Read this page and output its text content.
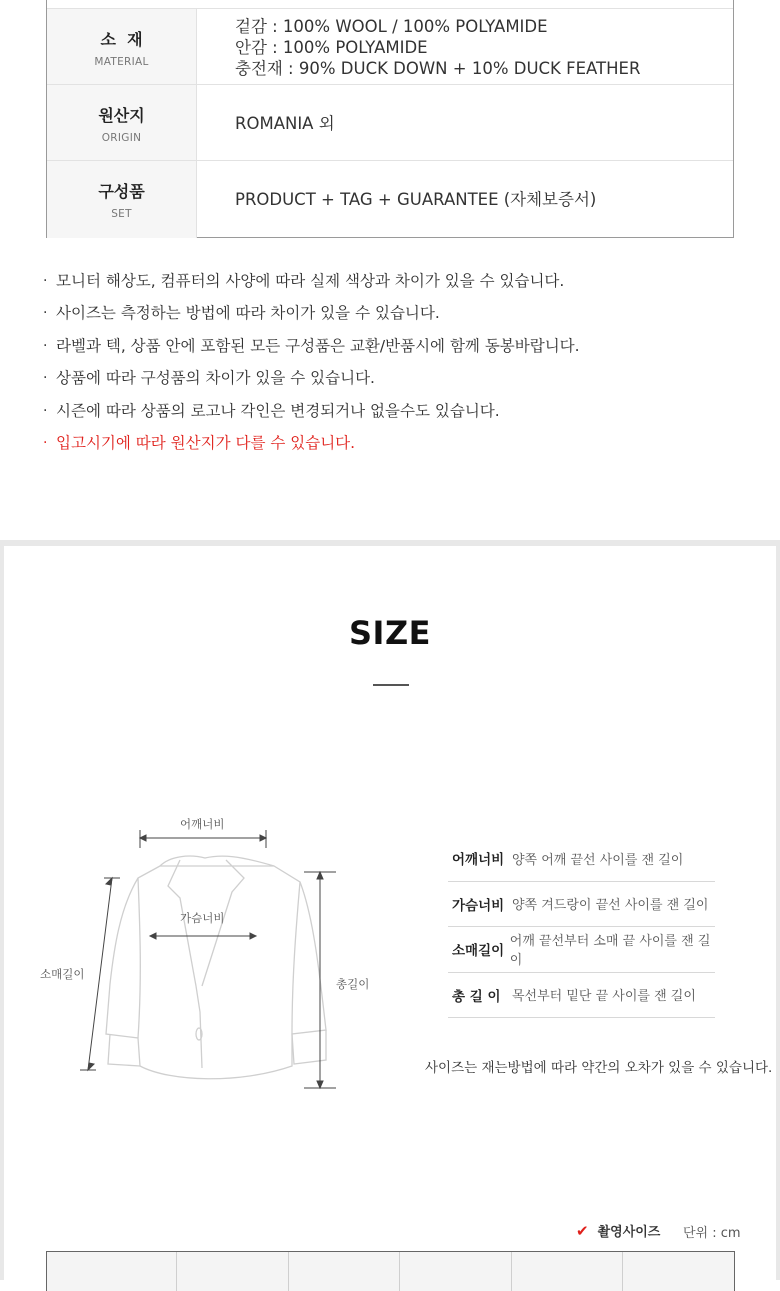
소  재
MATERIAL
겉감 : 100% WOOL / 100% POLYAMIDE
안감 : 100% POLYAMIDE
충전재 : 90% DUCK DOWN + 10% DUCK FEATHER
원산지
ORIGIN
ROMANIA 외
구성품
SET
PRODUCT + TAG + GUARANTEE (자체보증서)
· 모니터 해상도, 컴퓨터의 사양에 따라 실제 색상과 차이가 있을 수 있습니다.
· 사이즈는 측정하는 방법에 따라 차이가 있을 수 있습니다.
· 라벨과 텍, 상품 안에 포함된 모든 구성품은 교환/반품시에 함께 동봉바랍니다.
· 상품에 따라 구성품의 차이가 있을 수 있습니다.
· 시즌에 따라 상품의 로고나 각인은 변경되거나 없을수도 있습니다.
· 입고시기에 따라 원산지가 다를 수 있습니다.
SIZE
어깨너비
가슴너비
소매길이
총길이
어깨너비 양쪽 어깨 끝선 사이를 잰 길이
가슴너비 양쪽 겨드랑이 끝선 사이를 잰 길이
소매길이
어깨 끝선부터 소매 끝 사이를 잰 길이
총 길 이 목선부터 밑단 끝 사이를 잰 길이
사이즈는 재는방법에 따라 약간의 오차가 있을 수 있습니다.
✔ 촬영사이즈 단위 : cm
